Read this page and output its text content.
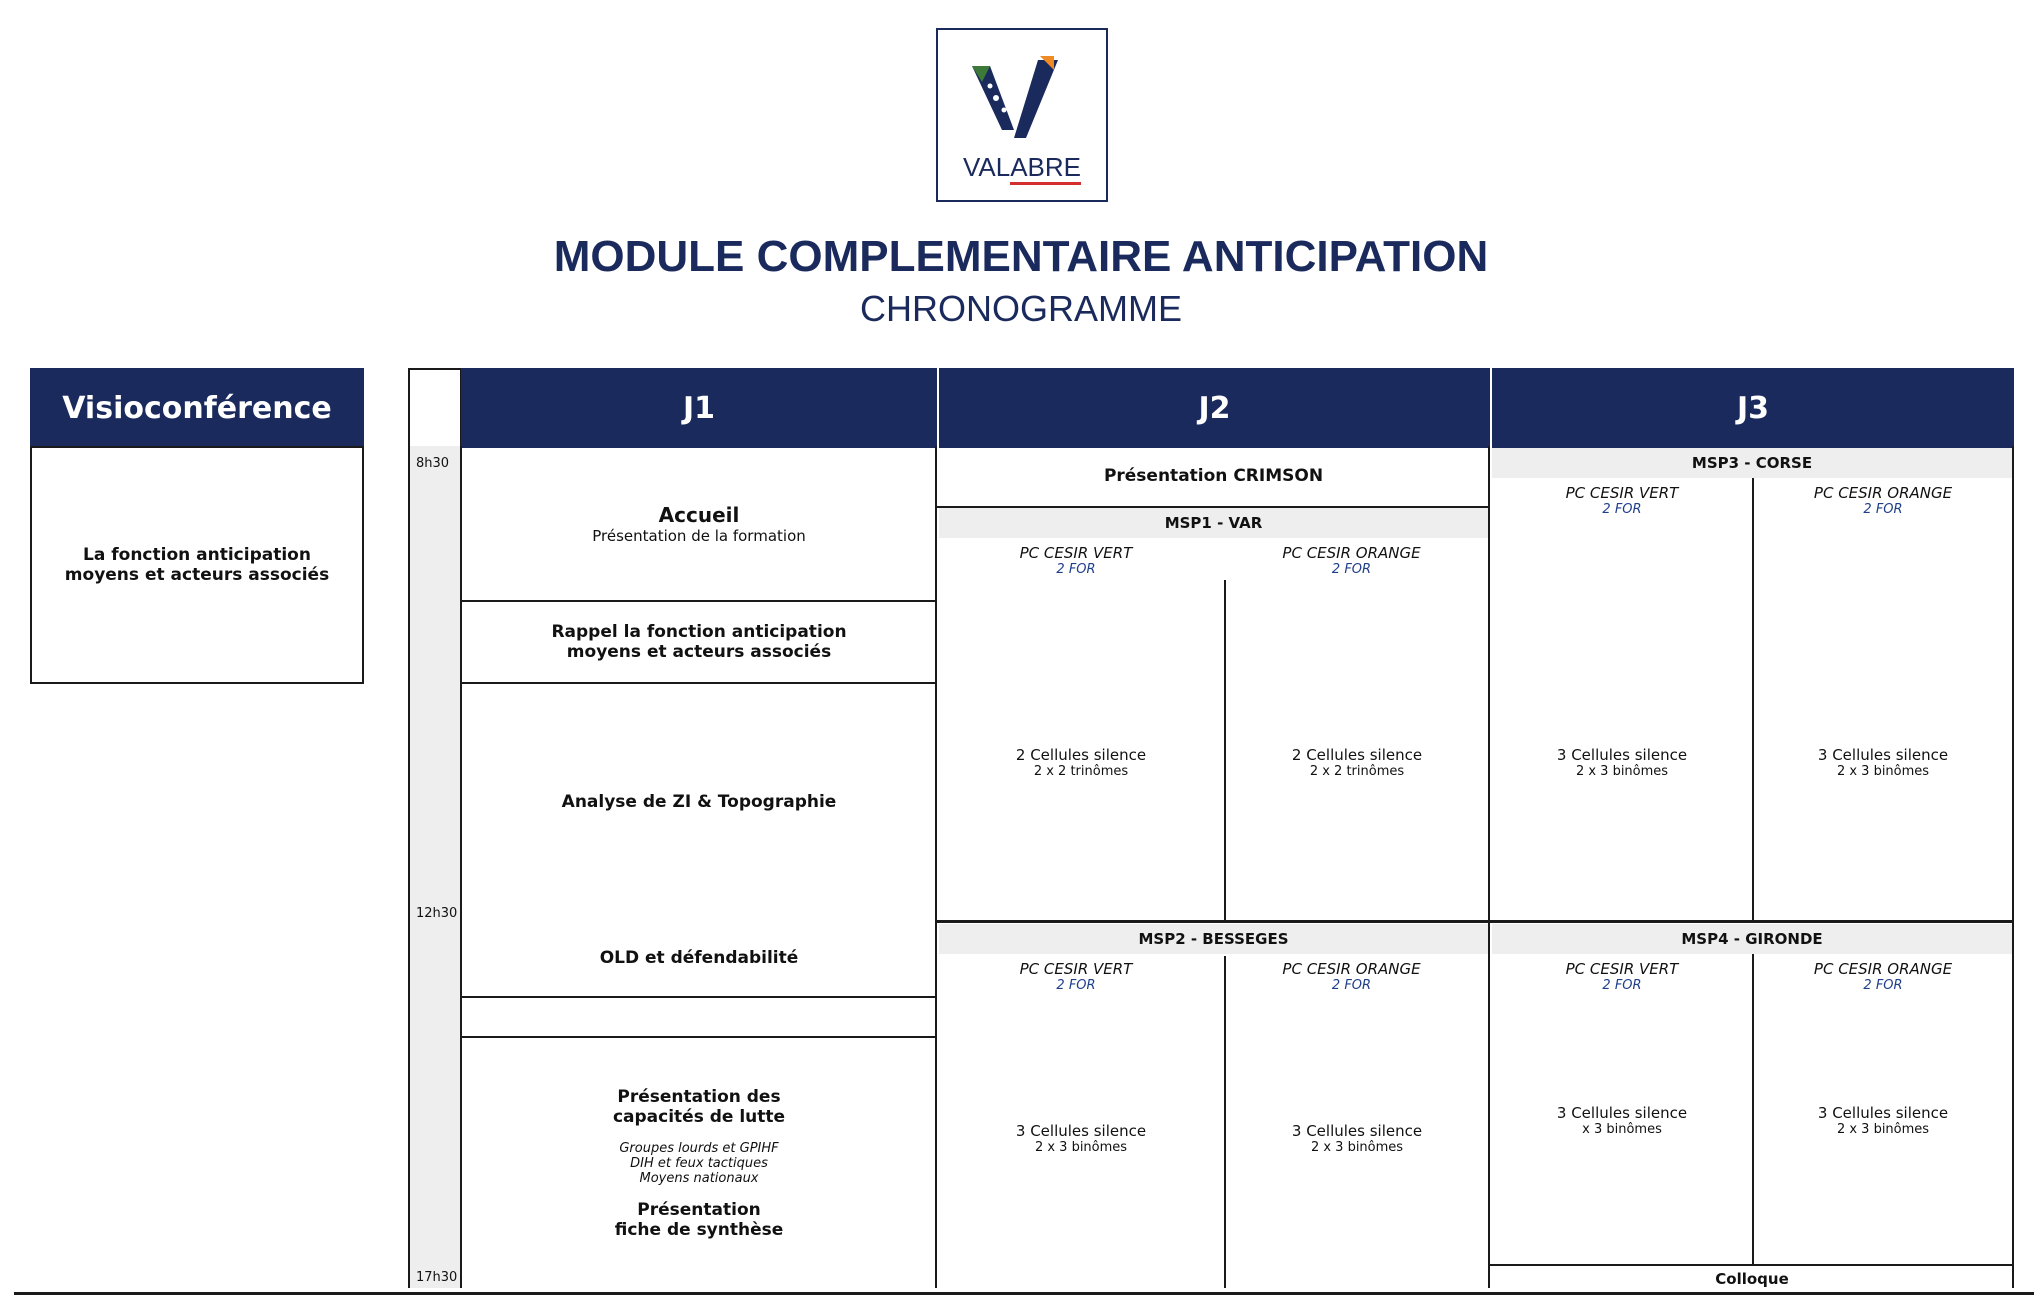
VALABRE
MODULE COMPLEMENTAIRE ANTICIPATION
CHRONOGRAMME
Visioconférence
La fonction anticipation
moyens et acteurs associés
J1	J2	J3
8h30
12h30
17h30
Accueil
Présentation de la formation
Rappel la fonction anticipation
moyens et acteurs associés
Analyse de ZI & Topographie
OLD et défendabilité
Présentation des
capacités de lutte
Groupes lourds et GPIHF
DIH et feux tactiques
Moyens nationaux
Présentation
fiche de synthèse
Présentation CRIMSON
MSP1 - VAR
PC CESIR VERT
2 FOR
PC CESIR ORANGE
2 FOR
2 Cellules silence
2 x 2 trinômes
2 Cellules silence
2 x 2 trinômes
MSP2 - BESSEGES
PC CESIR VERT
2 FOR
PC CESIR ORANGE
2 FOR
3 Cellules silence
2 x 3 binômes
3 Cellules silence
2 x 3 binômes
MSP3 - CORSE
PC CESIR VERT
2 FOR
PC CESIR ORANGE
2 FOR
3 Cellules silence
2 x 3 binômes
3 Cellules silence
2 x 3 binômes
MSP4 - GIRONDE
PC CESIR VERT
2 FOR
PC CESIR ORANGE
2 FOR
3 Cellules silence
x 3 binômes
3 Cellules silence
2 x 3 binômes
Colloque
